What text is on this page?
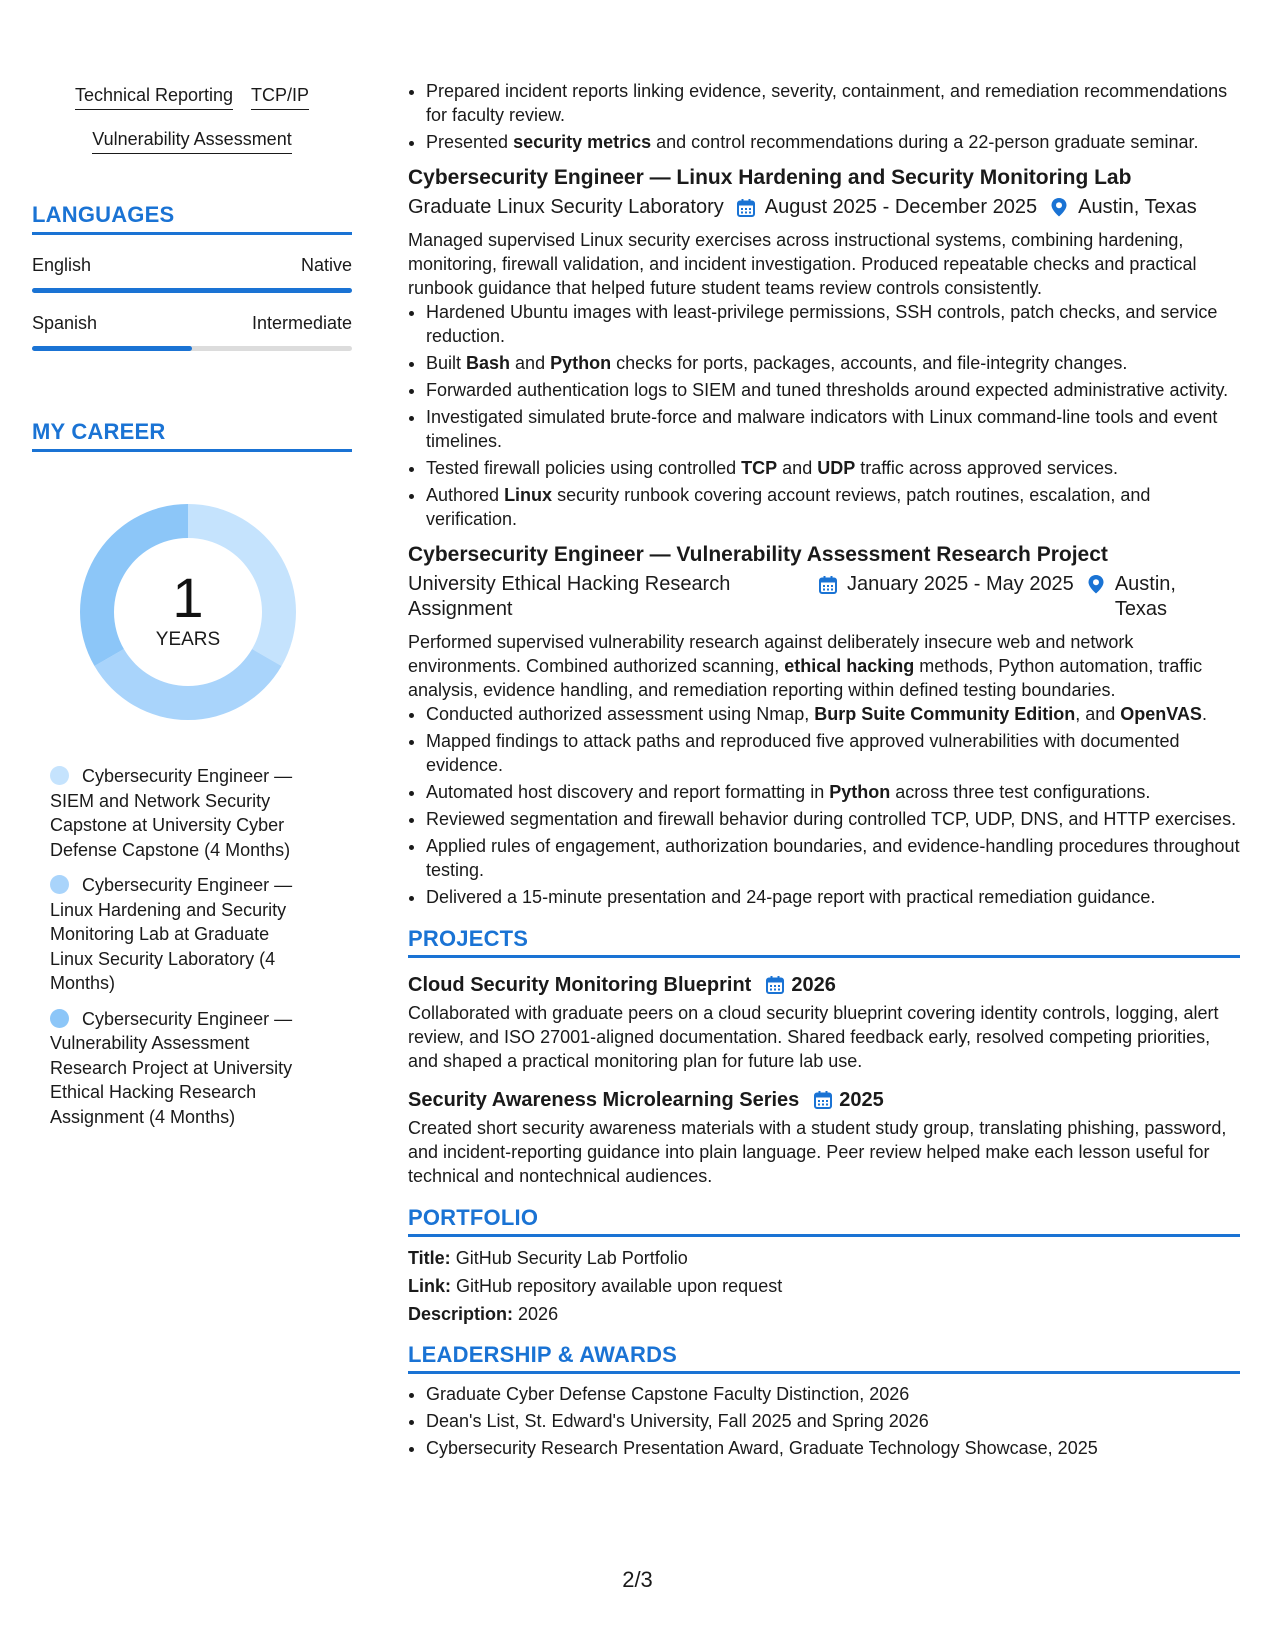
Technical Reporting TCP/IP
Vulnerability Assessment
LANGUAGES
English	Native
Spanish	Intermediate
MY CAREER
1
YEARS
Cybersecurity Engineer — SIEM and Network Security Capstone at University Cyber Defense Capstone (4 Months)
Cybersecurity Engineer — Linux Hardening and Security Monitoring Lab at Graduate Linux Security Laboratory (4 Months)
Cybersecurity Engineer — Vulnerability Assessment Research Project at University Ethical Hacking Research Assignment (4 Months)
• Prepared incident reports linking evidence, severity, containment, and remediation recommendations for faculty review.
• Presented security metrics and control recommendations during a 22-person graduate seminar.
Cybersecurity Engineer — Linux Hardening and Security Monitoring Lab
Graduate Linux Security Laboratory August 2025 - December 2025 Austin, Texas
Managed supervised Linux security exercises across instructional systems, combining hardening, monitoring, firewall validation, and incident investigation. Produced repeatable checks and practical runbook guidance that helped future student teams review controls consistently.
• Hardened Ubuntu images with least-privilege permissions, SSH controls, patch checks, and service reduction.
• Built Bash and Python checks for ports, packages, accounts, and file-integrity changes.
• Forwarded authentication logs to SIEM and tuned thresholds around expected administrative activity.
• Investigated simulated brute-force and malware indicators with Linux command-line tools and event timelines.
• Tested firewall policies using controlled TCP and UDP traffic across approved services.
• Authored Linux security runbook covering account reviews, patch routines, escalation, and verification.
Cybersecurity Engineer — Vulnerability Assessment Research Project
University Ethical Hacking Research Assignment
January 2025 - May 2025 Austin, Texas
Performed supervised vulnerability research against deliberately insecure web and network environments. Combined authorized scanning, ethical hacking methods, Python automation, traffic analysis, evidence handling, and remediation reporting within defined testing boundaries.
• Conducted authorized assessment using Nmap, Burp Suite Community Edition, and OpenVAS.
• Mapped findings to attack paths and reproduced five approved vulnerabilities with documented evidence.
• Automated host discovery and report formatting in Python across three test configurations.
• Reviewed segmentation and firewall behavior during controlled TCP, UDP, DNS, and HTTP exercises.
• Applied rules of engagement, authorization boundaries, and evidence-handling procedures throughout testing.
• Delivered a 15-minute presentation and 24-page report with practical remediation guidance.
PROJECTS
Cloud Security Monitoring Blueprint 2026
Collaborated with graduate peers on a cloud security blueprint covering identity controls, logging, alert review, and ISO 27001-aligned documentation. Shared feedback early, resolved competing priorities, and shaped a practical monitoring plan for future lab use.
Security Awareness Microlearning Series 2025
Created short security awareness materials with a student study group, translating phishing, password, and incident-reporting guidance into plain language. Peer review helped make each lesson useful for technical and nontechnical audiences.
PORTFOLIO
Title: GitHub Security Lab Portfolio
Link: GitHub repository available upon request
Description: 2026
LEADERSHIP & AWARDS
• Graduate Cyber Defense Capstone Faculty Distinction, 2026
• Dean's List, St. Edward's University, Fall 2025 and Spring 2026
• Cybersecurity Research Presentation Award, Graduate Technology Showcase, 2025
2/3
